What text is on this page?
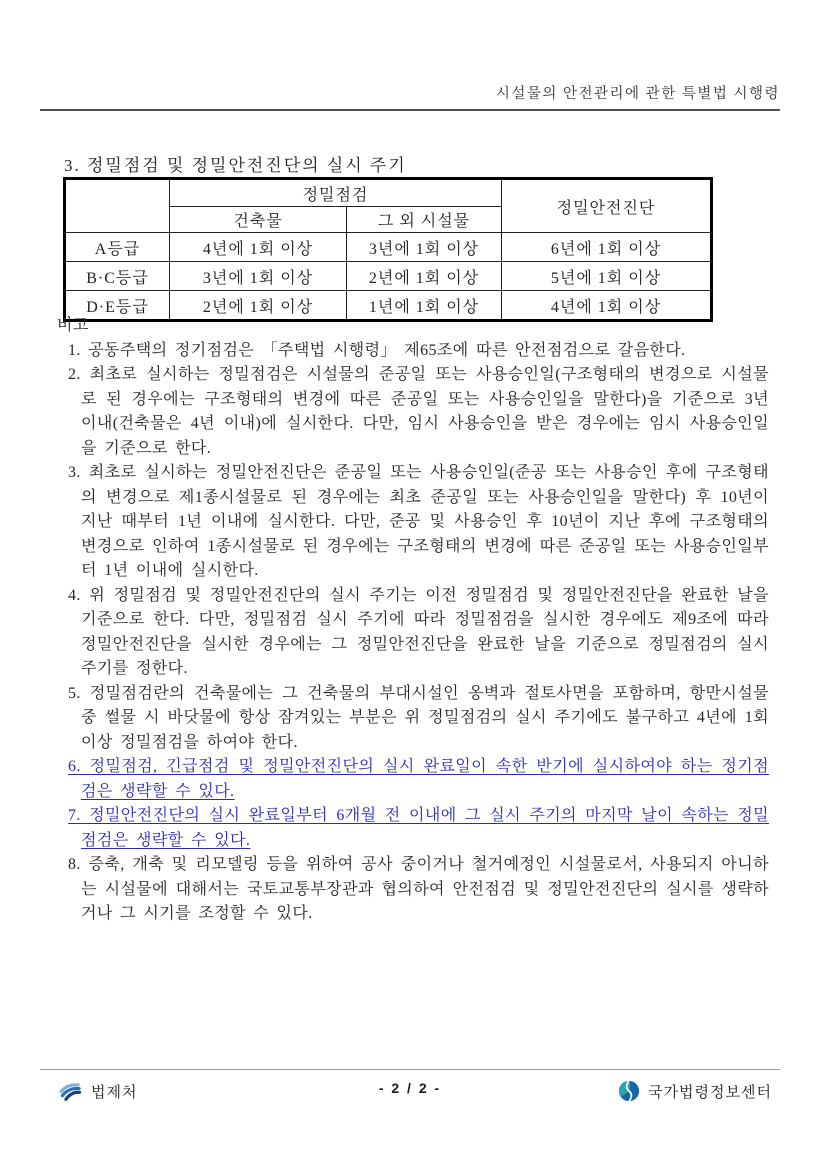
시설물의 안전관리에 관한 특별법 시행령
3. 정밀점검 및 정밀안전진단의 실시 주기
	정밀점검		정밀안전진단
	건축물	그 외 시설물	
A등급	4년에 1회 이상	3년에 1회 이상	6년에 1회 이상
B·C등급	3년에 1회 이상	2년에 1회 이상	5년에 1회 이상
D·E등급	2년에 1회 이상	1년에 1회 이상	4년에 1회 이상
비고
1. 공동주택의 정기점검은 「주택법 시행령」 제65조에 따른 안전점검으로 갈음한다.
2. 최초로 실시하는 정밀점검은 시설물의 준공일 또는 사용승인일(구조형태의 변경으로 시설물로 된 경우에는 구조형태의 변경에 따른 준공일 또는 사용승인일을 말한다)을 기준으로 3년 이내(건축물은 4년 이내)에 실시한다. 다만, 임시 사용승인을 받은 경우에는 임시 사용승인일을 기준으로 한다.
3. 최초로 실시하는 정밀안전진단은 준공일 또는 사용승인일(준공 또는 사용승인 후에 구조형태의 변경으로 제1종시설물로 된 경우에는 최초 준공일 또는 사용승인일을 말한다) 후 10년이 지난 때부터 1년 이내에 실시한다. 다만, 준공 및 사용승인 후 10년이 지난 후에 구조형태의 변경으로 인하여 1종시설물로 된 경우에는 구조형태의 변경에 따른 준공일 또는 사용승인일부터 1년 이내에 실시한다.
4. 위 정밀점검 및 정밀안전진단의 실시 주기는 이전 정밀점검 및 정밀안전진단을 완료한 날을 기준으로 한다. 다만, 정밀점검 실시 주기에 따라 정밀점검을 실시한 경우에도 제9조에 따라 정밀안전진단을 실시한 경우에는 그 정밀안전진단을 완료한 날을 기준으로 정밀점검의 실시 주기를 정한다.
5. 정밀점검란의 건축물에는 그 건축물의 부대시설인 옹벽과 절토사면을 포함하며, 항만시설물 중 썰물 시 바닷물에 항상 잠겨있는 부분은 위 정밀점검의 실시 주기에도 불구하고 4년에 1회 이상 정밀점검을 하여야 한다.
6. 정밀점검, 긴급점검 및 정밀안전진단의 실시 완료일이 속한 반기에 실시하여야 하는 정기점검은 생략할 수 있다.
7. 정밀안전진단의 실시 완료일부터 6개월 전 이내에 그 실시 주기의 마지막 날이 속하는 정밀점검은 생략할 수 있다.
8. 증축, 개축 및 리모델링 등을 위하여 공사 중이거나 철거예정인 시설물로서, 사용되지 아니하는 시설물에 대해서는 국토교통부장관과 협의하여 안전점검 및 정밀안전진단의 실시를 생략하거나 그 시기를 조정할 수 있다.
- 2 / 2 -
법제처	국가법령정보센터
